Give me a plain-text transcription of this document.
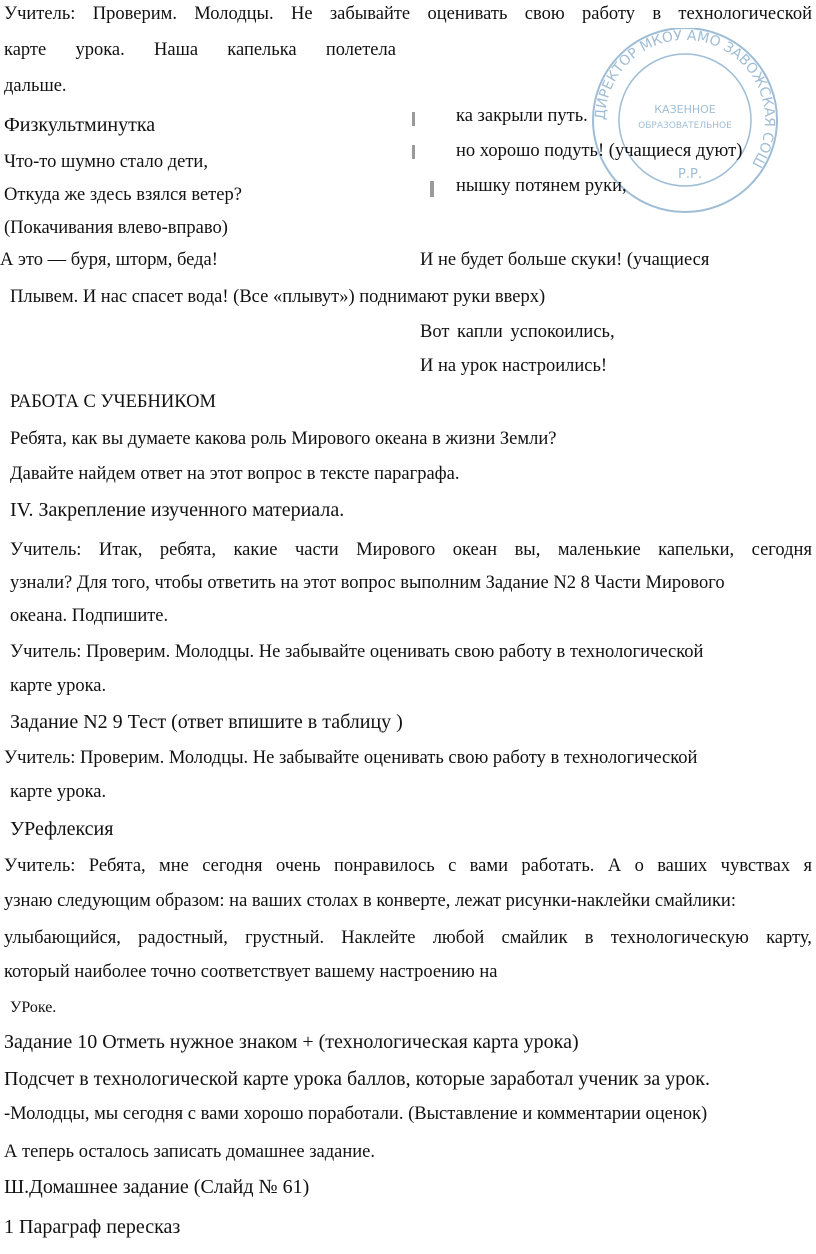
Учитель: Проверим. Молодцы. Не забывайте оценивать свою работу в технологической
карте урока. Наша капелька полетела
дальше.
ДИРЕКТОР МКОУ АМО ЗАВОЖСКАЯ СОШ
КАЗЕННОЕ
ОБРАЗОВАТЕЛЬНОЕ
Р.Р.
Физкультминутка
Что-то шумно стало дети,
Откуда же здесь взялся ветер?
(Покачивания влево-вправо)
ка закрыли путь.
но хорошо подуть! (учащиеся дуют)
нышку потянем руки,
А это — буря, шторм, беда!	И не будет больше скуки! (учащиеся
Плывем. И нас спасет вода! (Все «плывут») поднимают руки вверх)
Вот капли успокоились,
И на урок настроились!
РАБОТА С УЧЕБНИКОМ
Ребята, как вы думаете какова роль Мирового океана в жизни Земли?
Давайте найдем ответ на этот вопрос в тексте параграфа.
IV. Закрепление изученного материала.
Учитель: Итак, ребята, какие части Мирового океан вы, маленькие капельки, сегодня
узнали? Для того, чтобы ответить на этот вопрос выполним Задание N2 8 Части Мирового
океана. Подпишите.
Учитель: Проверим. Молодцы. Не забывайте оценивать свою работу в технологической
карте урока.
Задание N2 9 Тест (ответ впишите в таблицу )
Учитель: Проверим. Молодцы. Не забывайте оценивать свою работу в технологической
карте урока.
УРефлексия
Учитель: Ребята, мне сегодня очень понравилось с вами работать. А о ваших чувствах я
узнаю следующим образом: на ваших столах в конверте, лежат рисунки-наклейки смайлики:
улыбающийся, радостный, грустный. Наклейте любой смайлик в технологическую карту,
который наиболее точно соответствует вашему настроению на
УРоке.
Задание 10 Отметь нужное знаком + (технологическая карта урока)
Подсчет в технологической карте урока баллов, которые заработал ученик за урок.
-Молодцы, мы сегодня с вами хорошо поработали. (Выставление и комментарии оценок)
А теперь осталось записать домашнее задание.
Ш.Домашнее задание (Слайд № 61)
1 Параграф пересказ
